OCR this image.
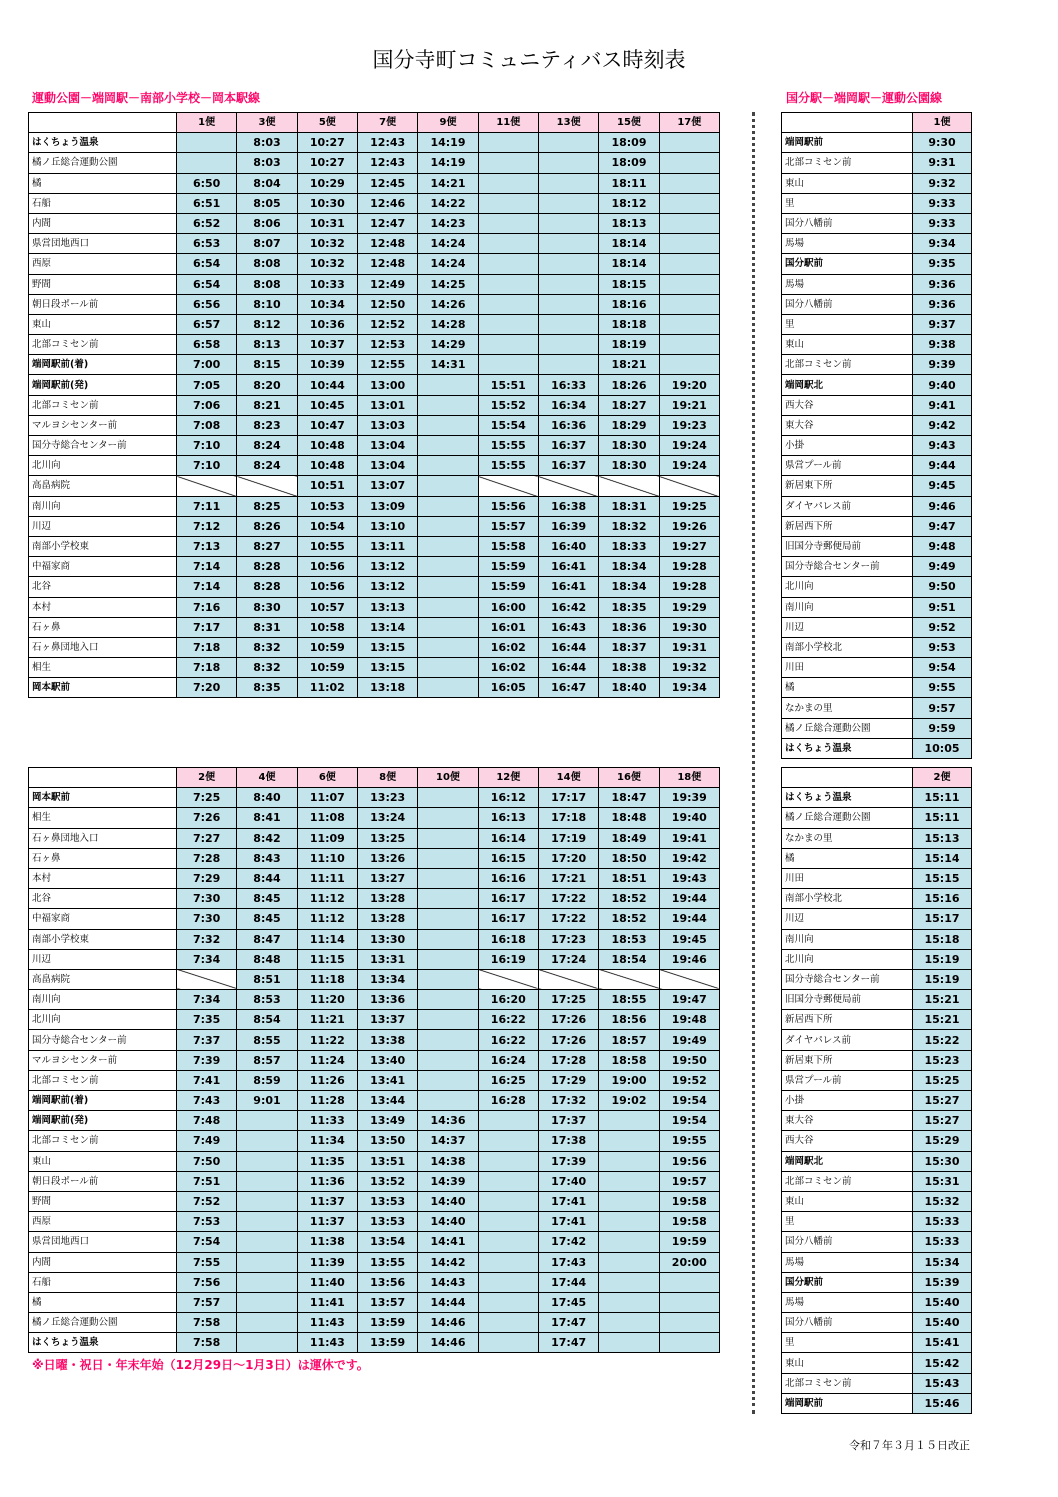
国分寺町コミュニティバス時刻表
運動公園－端岡駅－南部小学校－岡本駅線	国分駅－端岡駅－運動公園線
	1便	3便	5便	7便	9便	11便	13便	15便	17便
はくちょう温泉		8:03	10:27	12:43	14:19			18:09	
橘ノ丘総合運動公園		8:03	10:27	12:43	14:19			18:09	
橘	6:50	8:04	10:29	12:45	14:21			18:11	
石船	6:51	8:05	10:30	12:46	14:22			18:12	
内間	6:52	8:06	10:31	12:47	14:23			18:13	
県営団地西口	6:53	8:07	10:32	12:48	14:24			18:14	
西原	6:54	8:08	10:32	12:48	14:24			18:14	
野間	6:54	8:08	10:33	12:49	14:25			18:15	
朝日段ポール前	6:56	8:10	10:34	12:50	14:26			18:16	
東山	6:57	8:12	10:36	12:52	14:28			18:18	
北部コミセン前	6:58	8:13	10:37	12:53	14:29			18:19	
端岡駅前(着)	7:00	8:15	10:39	12:55	14:31			18:21	
端岡駅前(発)	7:05	8:20	10:44	13:00		15:51	16:33	18:26	19:20
北部コミセン前	7:06	8:21	10:45	13:01		15:52	16:34	18:27	19:21
マルヨシセンター前	7:08	8:23	10:47	13:03		15:54	16:36	18:29	19:23
国分寺総合センター前	7:10	8:24	10:48	13:04		15:55	16:37	18:30	19:24
北川向	7:10	8:24	10:48	13:04		15:55	16:37	18:30	19:24
高畠病院			10:51	13:07					
南川向	7:11	8:25	10:53	13:09		15:56	16:38	18:31	19:25
川辺	7:12	8:26	10:54	13:10		15:57	16:39	18:32	19:26
南部小学校東	7:13	8:27	10:55	13:11		15:58	16:40	18:33	19:27
中福家商	7:14	8:28	10:56	13:12		15:59	16:41	18:34	19:28
北谷	7:14	8:28	10:56	13:12		15:59	16:41	18:34	19:28
本村	7:16	8:30	10:57	13:13		16:00	16:42	18:35	19:29
石ヶ鼻	7:17	8:31	10:58	13:14		16:01	16:43	18:36	19:30
石ヶ鼻団地入口	7:18	8:32	10:59	13:15		16:02	16:44	18:37	19:31
相生	7:18	8:32	10:59	13:15		16:02	16:44	18:38	19:32
岡本駅前	7:20	8:35	11:02	13:18		16:05	16:47	18:40	19:34
	2便	4便	6便	8便	10便	12便	14便	16便	18便
岡本駅前	7:25	8:40	11:07	13:23		16:12	17:17	18:47	19:39
相生	7:26	8:41	11:08	13:24		16:13	17:18	18:48	19:40
石ヶ鼻団地入口	7:27	8:42	11:09	13:25		16:14	17:19	18:49	19:41
石ヶ鼻	7:28	8:43	11:10	13:26		16:15	17:20	18:50	19:42
本村	7:29	8:44	11:11	13:27		16:16	17:21	18:51	19:43
北谷	7:30	8:45	11:12	13:28		16:17	17:22	18:52	19:44
中福家商	7:30	8:45	11:12	13:28		16:17	17:22	18:52	19:44
南部小学校東	7:32	8:47	11:14	13:30		16:18	17:23	18:53	19:45
川辺	7:34	8:48	11:15	13:31		16:19	17:24	18:54	19:46
高畠病院		8:51	11:18	13:34					
南川向	7:34	8:53	11:20	13:36		16:20	17:25	18:55	19:47
北川向	7:35	8:54	11:21	13:37		16:22	17:26	18:56	19:48
国分寺総合センター前	7:37	8:55	11:22	13:38		16:22	17:26	18:57	19:49
マルヨシセンター前	7:39	8:57	11:24	13:40		16:24	17:28	18:58	19:50
北部コミセン前	7:41	8:59	11:26	13:41		16:25	17:29	19:00	19:52
端岡駅前(着)	7:43	9:01	11:28	13:44		16:28	17:32	19:02	19:54
端岡駅前(発)	7:48		11:33	13:49	14:36		17:37		19:54
北部コミセン前	7:49		11:34	13:50	14:37		17:38		19:55
東山	7:50		11:35	13:51	14:38		17:39		19:56
朝日段ポール前	7:51		11:36	13:52	14:39		17:40		19:57
野間	7:52		11:37	13:53	14:40		17:41		19:58
西原	7:53		11:37	13:53	14:40		17:41		19:58
県営団地西口	7:54		11:38	13:54	14:41		17:42		19:59
内間	7:55		11:39	13:55	14:42		17:43		20:00
石船	7:56		11:40	13:56	14:43		17:44		
橘	7:57		11:41	13:57	14:44		17:45		
橘ノ丘総合運動公園	7:58		11:43	13:59	14:46		17:47		
はくちょう温泉	7:58		11:43	13:59	14:46		17:47		
	1便
端岡駅前	9:30
北部コミセン前	9:31
東山	9:32
里	9:33
国分八幡前	9:33
馬場	9:34
国分駅前	9:35
馬場	9:36
国分八幡前	9:36
里	9:37
東山	9:38
北部コミセン前	9:39
端岡駅北	9:40
西大谷	9:41
東大谷	9:42
小掛	9:43
県営プール前	9:44
新居東下所	9:45
ダイヤパレス前	9:46
新居西下所	9:47
旧国分寺郵便局前	9:48
国分寺総合センター前	9:49
北川向	9:50
南川向	9:51
川辺	9:52
南部小学校北	9:53
川田	9:54
橘	9:55
なかまの里	9:57
橘ノ丘総合運動公園	9:59
はくちょう温泉	10:05
	2便
はくちょう温泉	15:11
橘ノ丘総合運動公園	15:11
なかまの里	15:13
橘	15:14
川田	15:15
南部小学校北	15:16
川辺	15:17
南川向	15:18
北川向	15:19
国分寺総合センター前	15:19
旧国分寺郵便局前	15:21
新居西下所	15:21
ダイヤパレス前	15:22
新居東下所	15:23
県営プール前	15:25
小掛	15:27
東大谷	15:27
西大谷	15:29
端岡駅北	15:30
北部コミセン前	15:31
東山	15:32
里	15:33
国分八幡前	15:33
馬場	15:34
国分駅前	15:39
馬場	15:40
国分八幡前	15:40
里	15:41
東山	15:42
北部コミセン前	15:43
端岡駅前	15:46
※日曜・祝日・年末年始（12月29日～1月3日）は運休です。
令和７年３月１５日改正
